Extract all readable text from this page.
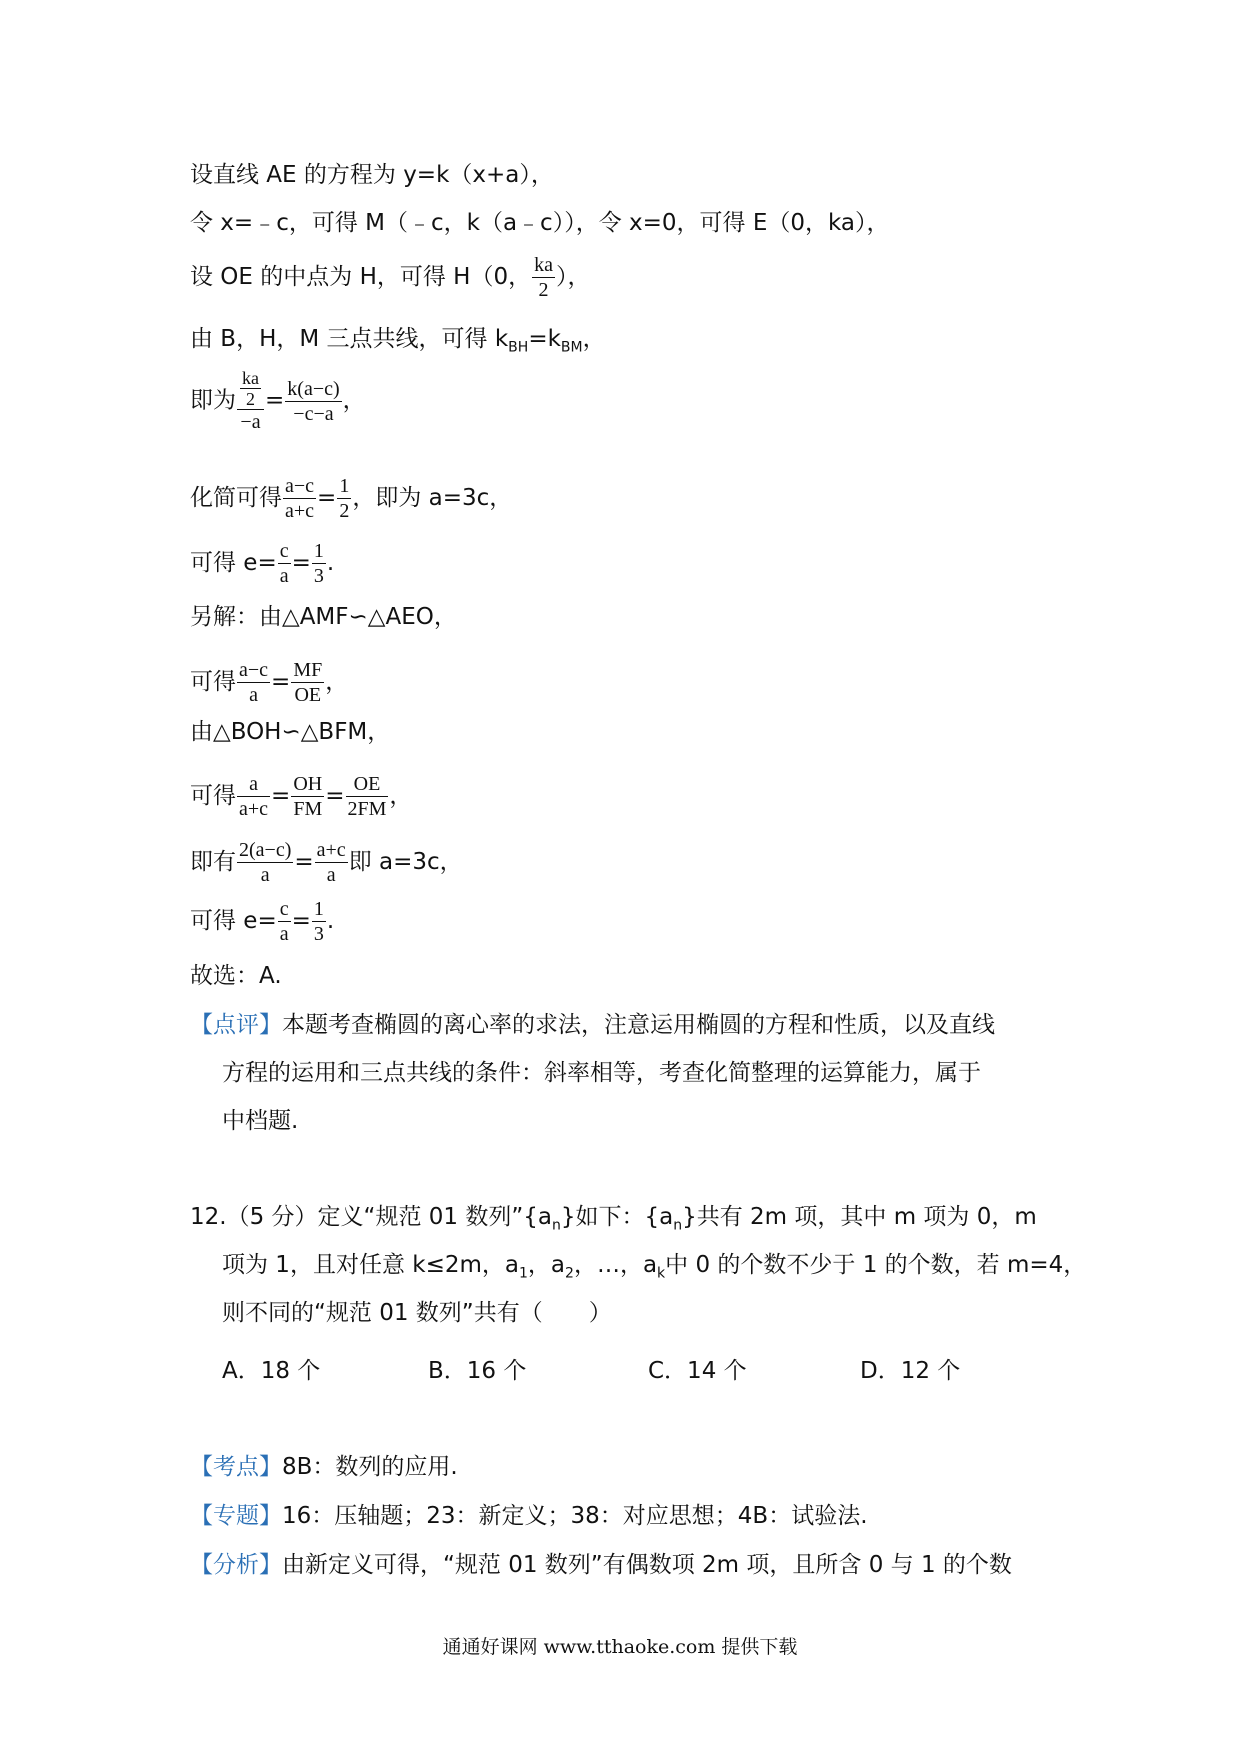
设直线 AE 的方程为 y=k（x+a），
令 x=﹣c，可得 M（﹣c，k（a﹣c）），令 x=0，可得 E（0，ka），
设 OE 的中点为 H，可得 H（0， $\frac{ka}{2}$ ），
由 B，H，M 三点共线，可得 $k_{BH}=k_{BM}$，
即为 $\frac{\frac{ka}{2}}{-a} = \frac{k(a-c)}{-c-a}$ ，
化简可得 $\frac{a-c}{a+c} = \frac{1}{2}$ ，即为 a=3c，
可得 $e= \frac{c}{a} = \frac{1}{3}$ .
另解：由△AMF∽△AEO，
可得 $\frac{a-c}{a} = \frac{MF}{OE}$ ，
由△BOH∽△BFM，
可得 $\frac{a}{a+c} = \frac{OH}{FM} = \frac{OE}{2FM}$ ，
即有 $\frac{2(a-c)}{a} = \frac{a+c}{a}$ 即 a=3c，
可得 $e= \frac{c}{a} = \frac{1}{3}$ .
故选：A.
【点评】本题考查椭圆的离心率的求法，注意运用椭圆的方程和性质，以及直线
方程的运用和三点共线的条件：斜率相等，考查化简整理的运算能力，属于
中档题.
12.（5 分）定义“规范 01 数列$”\{a_n\}$如下：$\{a_n\}$共有 2m 项，其中 m 项为 0，m
项为 1，且对任意 k≤2m，$a_1$，$a_2$，…，$a_k$中 0 的个数不少于 1 的个数，若 m=4，
则不同的“规范 01 数列”共有（　　）
A．18 个	B．16 个	C．14 个	D．12 个
【考点】8B：数列的应用.
【专题】16：压轴题；23：新定义；38：对应思想；4B：试验法.
【分析】由新定义可得，“规范 01 数列”有偶数项 2m 项，且所含 0 与 1 的个数
通通好课网 www.tthaoke.com 提供下载
